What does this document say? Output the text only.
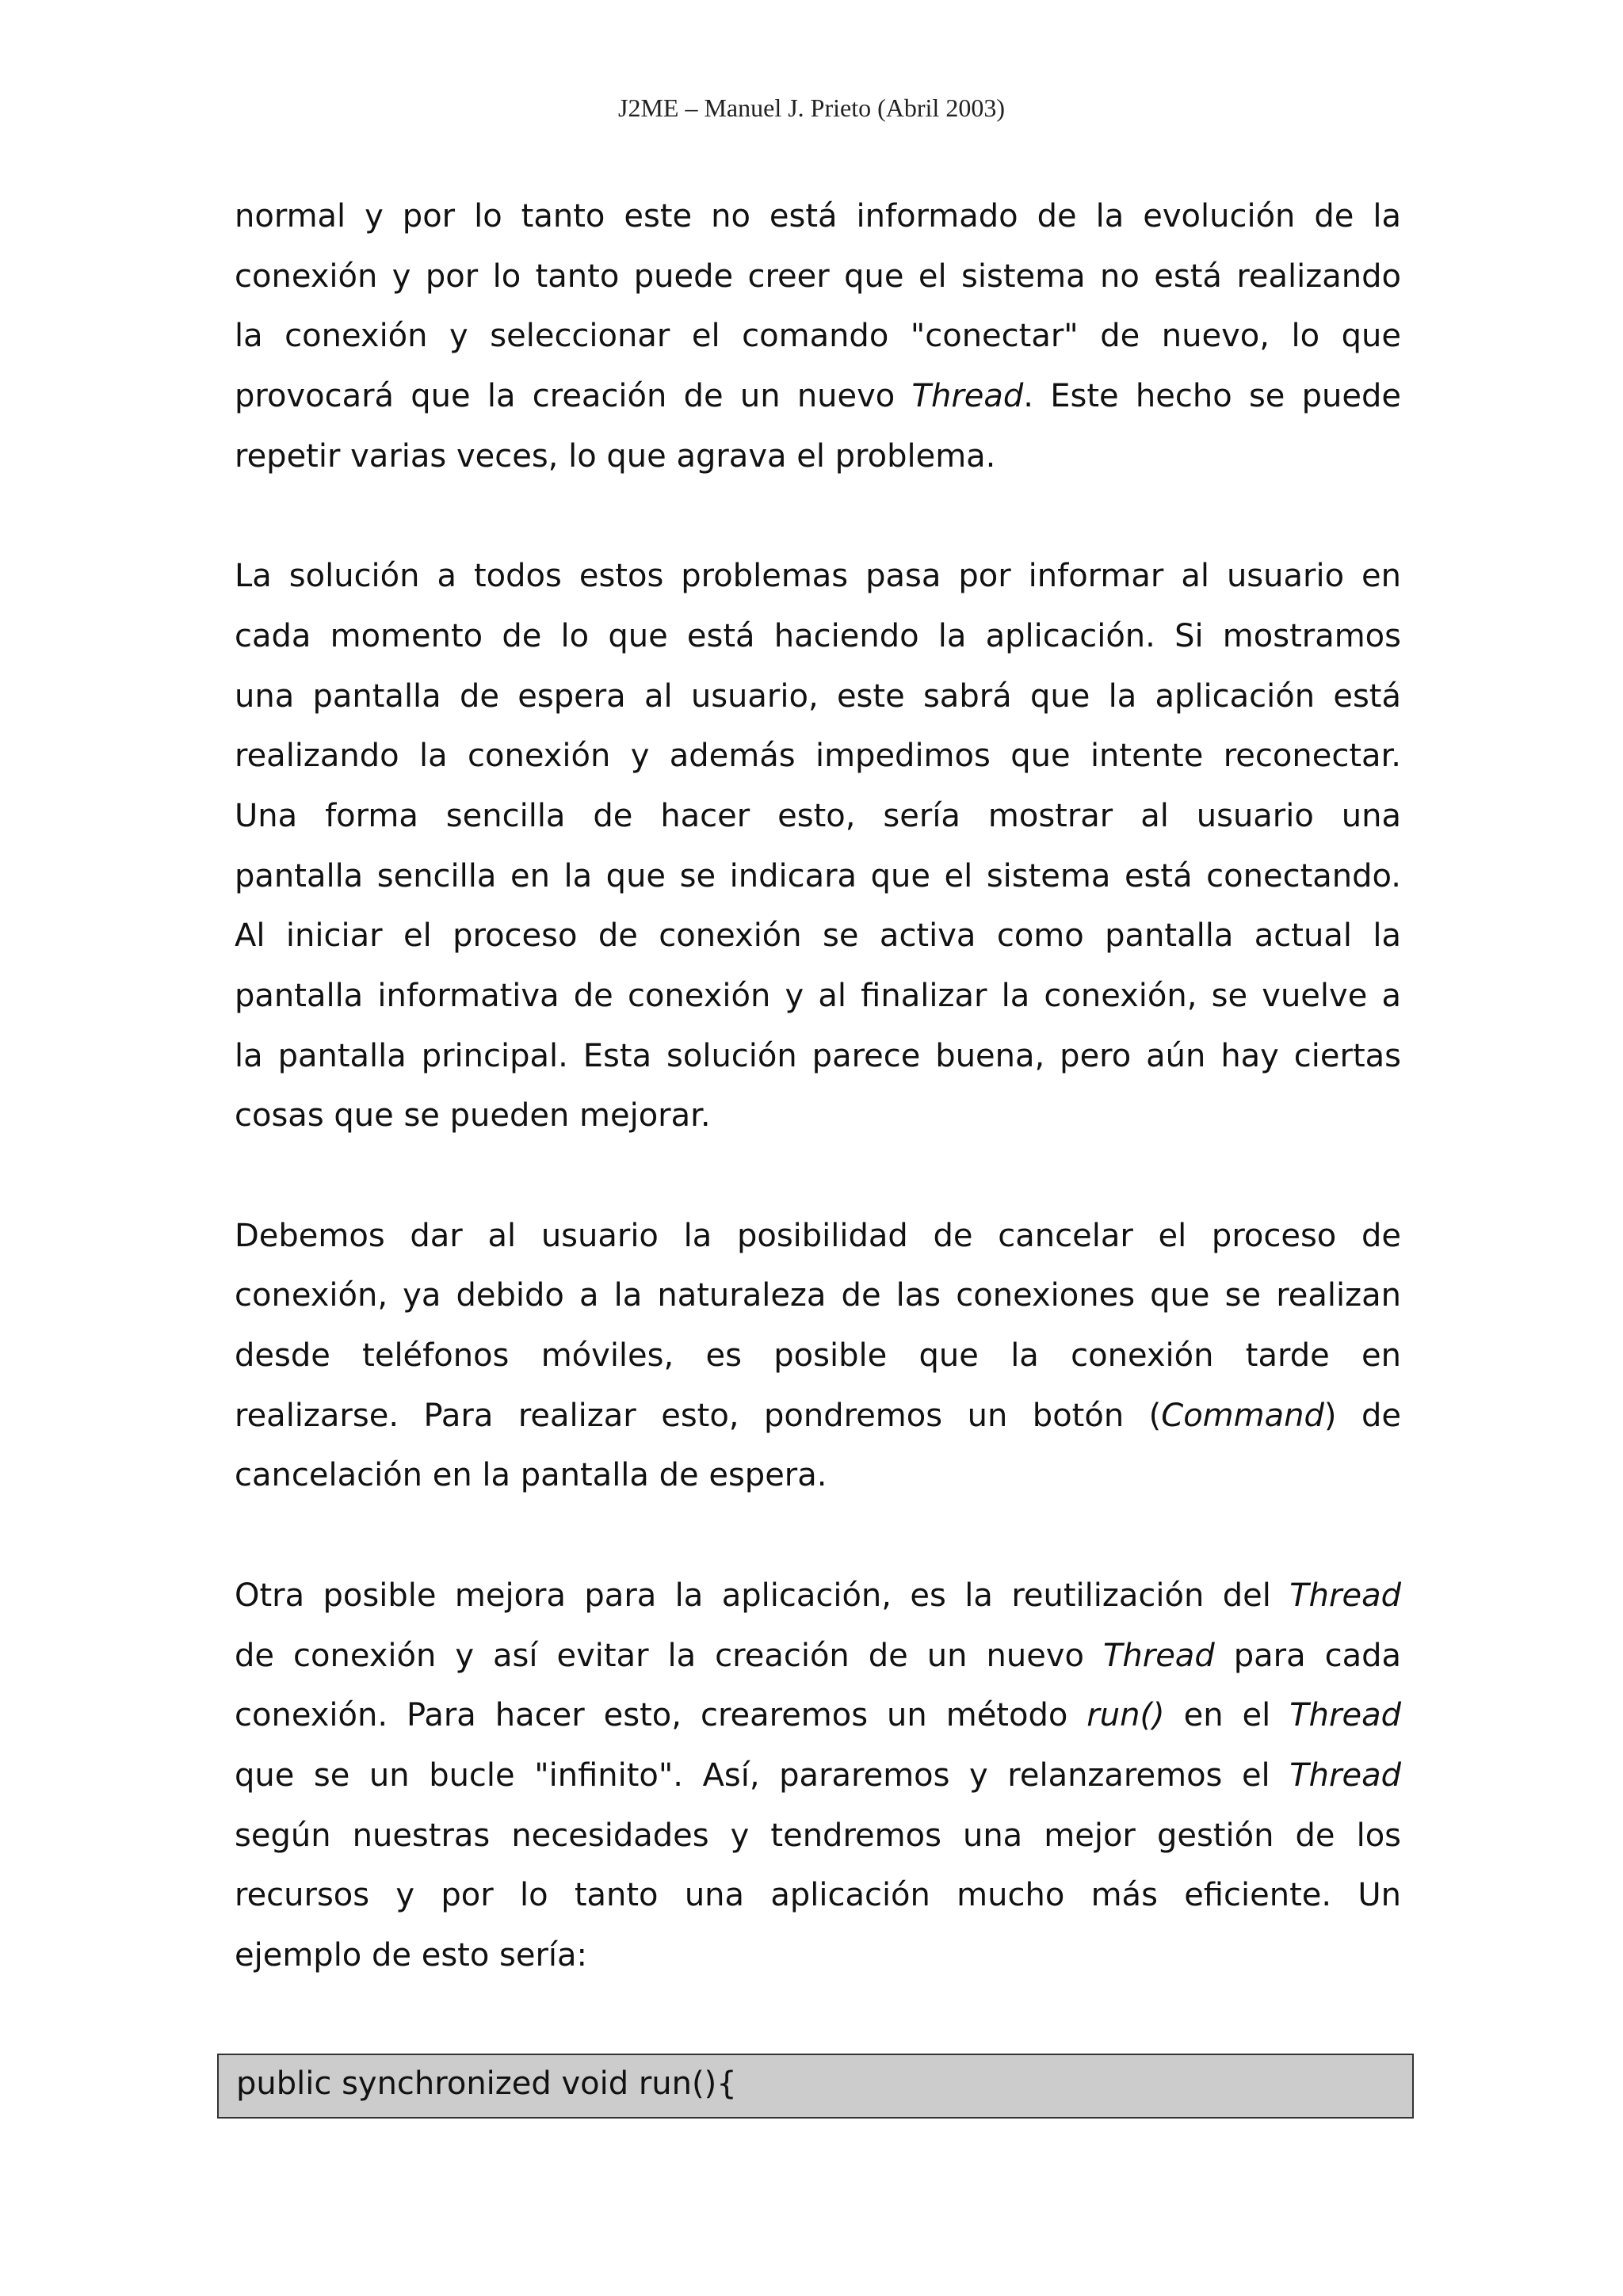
J2ME – Manuel J. Prieto (Abril 2003)
normal y por lo tanto este no está informado de la evolución de la
conexión y por lo tanto puede creer que el sistema no está realizando
la conexión y seleccionar el comando "conectar" de nuevo, lo que
provocará que la creación de un nuevo Thread. Este hecho se puede
repetir varias veces, lo que agrava el problema.
La solución a todos estos problemas pasa por informar al usuario en
cada momento de lo que está haciendo la aplicación. Si mostramos
una pantalla de espera al usuario, este sabrá que la aplicación está
realizando la conexión y además impedimos que intente reconectar.
Una forma sencilla de hacer esto, sería mostrar al usuario una
pantalla sencilla en la que se indicara que el sistema está conectando.
Al iniciar el proceso de conexión se activa como pantalla actual la
pantalla informativa de conexión y al finalizar la conexión, se vuelve a
la pantalla principal. Esta solución parece buena, pero aún hay ciertas
cosas que se pueden mejorar.
Debemos dar al usuario la posibilidad de cancelar el proceso de
conexión, ya debido a la naturaleza de las conexiones que se realizan
desde teléfonos móviles, es posible que la conexión tarde en
realizarse. Para realizar esto, pondremos un botón (Command) de
cancelación en la pantalla de espera.
Otra posible mejora para la aplicación, es la reutilización del Thread
de conexión y así evitar la creación de un nuevo Thread para cada
conexión. Para hacer esto, crearemos un método run() en el Thread
que se un bucle "infinito". Así, pararemos y relanzaremos el Thread
según nuestras necesidades y tendremos una mejor gestión de los
recursos y por lo tanto una aplicación mucho más eficiente. Un
ejemplo de esto sería:
public synchronized void run(){
